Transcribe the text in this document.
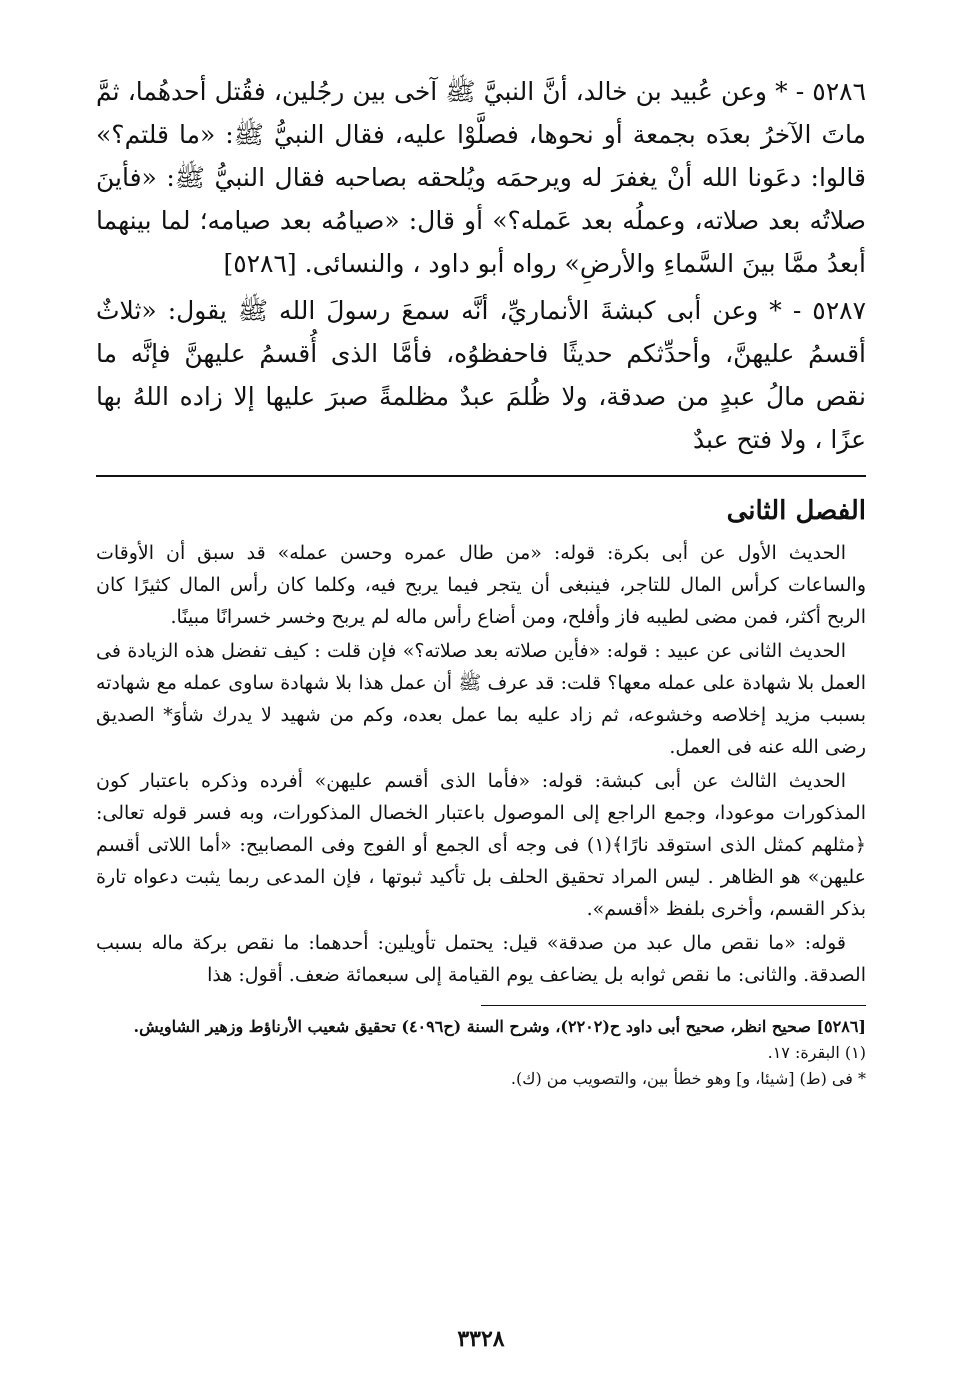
٥٢٨٦ - * وعن عُبيد بن خالد، أنَّ النبيَّ ﷺ آخى بين رجُلين، فقُتل أحدهُما، ثمَّ ماتَ الآخرُ بعدَه بجمعة أو نحوها، فصلَّوْا عليه، فقال النبيُّ ﷺ: «ما قلتم؟» قالوا: دعَونا الله أنْ يغفرَ له ويرحمَه ويُلحقه بصاحبه فقال النبيُّ ﷺ: «فأينَ صلاتُه بعد صلاته، وعملُه بعد عَمله؟» أو قال: «صيامُه بعد صيامه؛ لما بينهما أبعدُ ممَّا بينَ السَّماءِ والأرضِ» رواه أبو داود ، والنسائى. [٥٢٨٦]

٥٢٨٧ - * وعن أبى كبشةَ الأنماريِّ، أنَّه سمعَ رسولَ الله ﷺ يقول: «ثلاثٌ أقسمُ عليهنَّ، وأحدِّثكم حديثًا فاحفظوُه، فأمَّا الذى أُقسمُ عليهنَّ فإنَّه ما نقص مالُ عبدٍ من صدقة، ولا ظُلمَ عبدٌ مظلمةً صبرَ عليها إلا زاده اللهُ بها عزًا ، ولا فتح عبدٌ

الفصل الثانى

الحديث الأول عن أبى بكرة: قوله: «من طال عمره وحسن عمله» قد سبق أن الأوقات والساعات كرأس المال للتاجر، فينبغى أن يتجر فيما يربح فيه، وكلما كان رأس المال كثيرًا كان الربح أكثر، فمن مضى لطيبه فاز وأفلح، ومن أضاع رأس ماله لم يربح وخسر خسرانًا مبينًا.

الحديث الثانى عن عبيد : قوله: «فأين صلاته بعد صلاته؟» فإن قلت : كيف تفضل هذه الزيادة فى العمل بلا شهادة على عمله معها؟ قلت: قد عرف ﷺ أن عمل هذا بلا شهادة ساوى عمله مع شهادته بسبب مزيد إخلاصه وخشوعه، ثم زاد عليه بما عمل بعده، وكم من شهيد لا يدرك شأوَ* الصديق رضى الله عنه فى العمل.

الحديث الثالث عن أبى كبشة: قوله: «فأما الذى أقسم عليهن» أفرده وذكره باعتبار كون المذكورات موعودا، وجمع الراجع إلى الموصول باعتبار الخصال المذكورات، وبه فسر قوله تعالى: ﴿مثلهم كمثل الذى استوقد نارًا﴾(١) فى وجه أى الجمع أو الفوج وفى المصابيح: «أما اللاتى أقسم عليهن» هو الظاهر . ليس المراد تحقيق الحلف بل تأكيد ثبوتها ، فإن المدعى ربما يثبت دعواه تارة بذكر القسم، وأخرى بلفظ «أقسم».

قوله: «ما نقص مال عبد من صدقة» قيل: يحتمل تأويلين: أحدهما: ما نقص بركة ماله بسبب الصدقة. والثانى: ما نقص ثوابه بل يضاعف يوم القيامة إلى سبعمائة ضعف. أقول: هذا

[٥٢٨٦] صحيح انظر، صحيح أبى داود ح(٢٢٠٢)، وشرح السنة (ح٤٠٩٦) تحقيق شعيب الأرناؤط وزهير الشاويش.

(١) البقرة: ١٧.

* فى (ط) [شيئا، و] وهو خطأ بين، والتصويب من (ك).

٣٣٢٨
